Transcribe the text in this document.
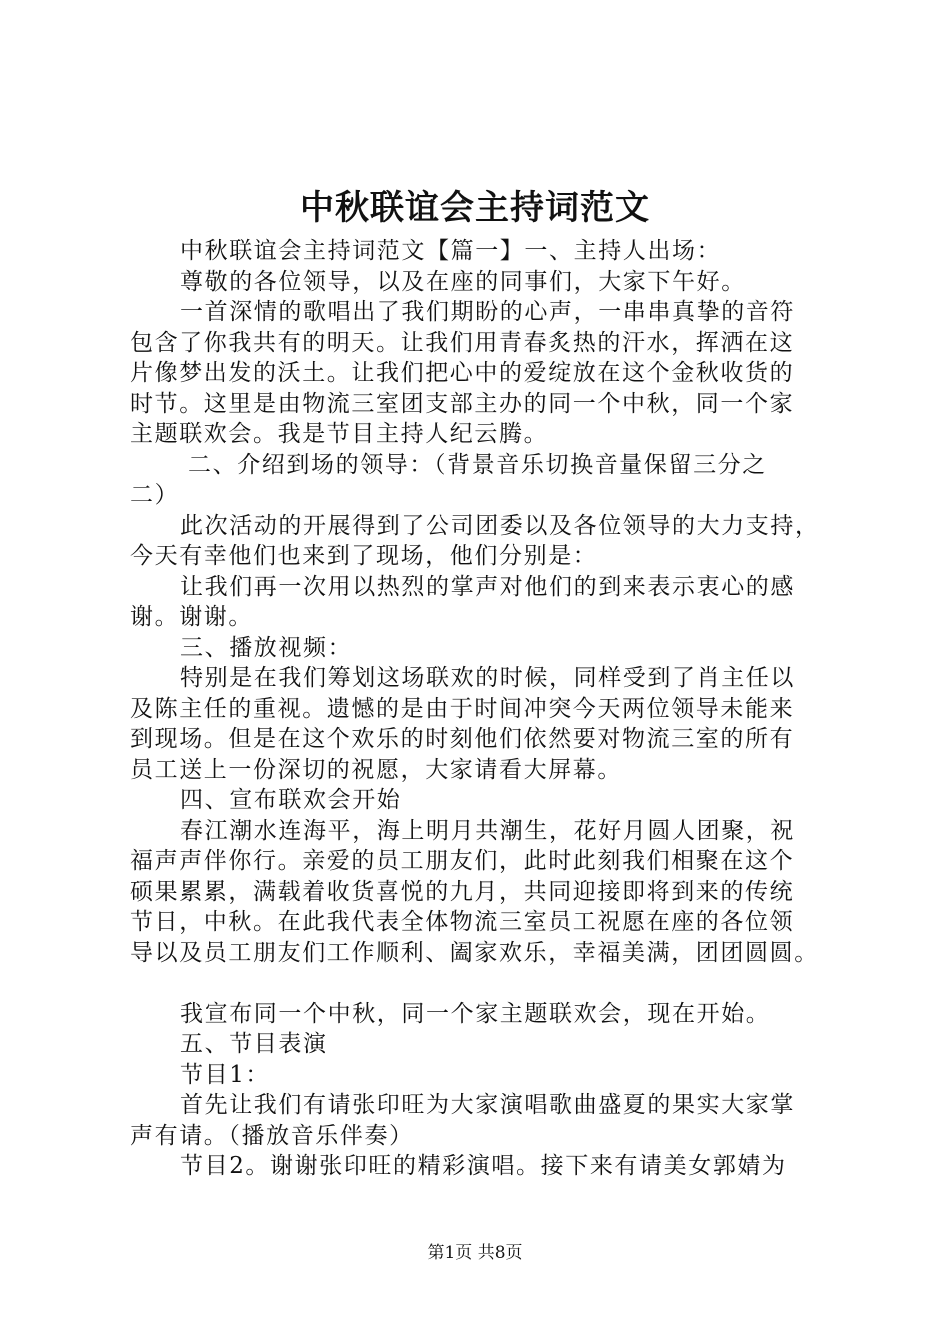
中秋联谊会主持词范文

中秋联谊会主持词范文【篇一】一、主持人出场：

尊敬的各位领导，以及在座的同事们，大家下午好。

一首深情的歌唱出了我们期盼的心声，一串串真挚的音符

包含了你我共有的明天。让我们用青春炙热的汗水，挥洒在这

片像梦出发的沃土。让我们把心中的爱绽放在这个金秋收货的

时节。这里是由物流三室团支部主办的同一个中秋，同一个家

主题联欢会。我是节目主持人纪云腾。

二、介绍到场的领导：（背景音乐切换音量保留三分之

二）

此次活动的开展得到了公司团委以及各位领导的大力支持，

今天有幸他们也来到了现场，他们分别是：

让我们再一次用以热烈的掌声对他们的到来表示衷心的感

谢。谢谢。

三、播放视频：

特别是在我们筹划这场联欢的时候，同样受到了肖主任以

及陈主任的重视。遗憾的是由于时间冲突今天两位领导未能来

到现场。但是在这个欢乐的时刻他们依然要对物流三室的所有

员工送上一份深切的祝愿，大家请看大屏幕。

四、宣布联欢会开始

春江潮水连海平，海上明月共潮生，花好月圆人团聚，祝

福声声伴你行。亲爱的员工朋友们，此时此刻我们相聚在这个

硕果累累，满载着收货喜悦的九月，共同迎接即将到来的传统

节日，中秋。在此我代表全体物流三室员工祝愿在座的各位领

导以及员工朋友们工作顺利、阖家欢乐，幸福美满，团团圆圆。

我宣布同一个中秋，同一个家主题联欢会，现在开始。

五、节目表演

节目1：

首先让我们有请张印旺为大家演唱歌曲盛夏的果实大家掌

声有请。（播放音乐伴奏）

节目2。谢谢张印旺的精彩演唱。接下来有请美女郭婧为

第1页 共8页
